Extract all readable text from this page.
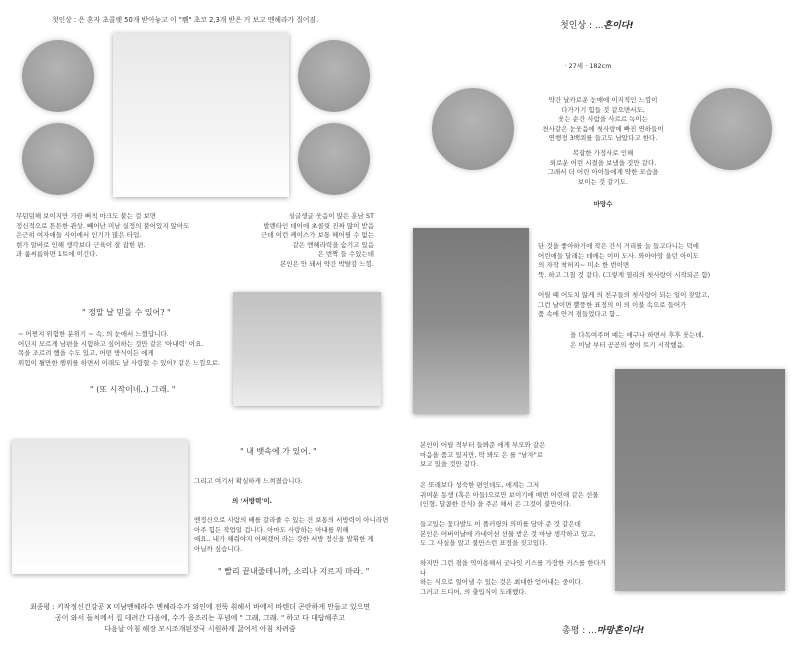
첫인상 : 은 혼자 초콜렛 50개 받아놓고 이 "쀈" 초코 2,3개 받은 거 보고 멘헤라가 질어짐.
무덤덤해 보이지만 가끔 뻐칙 마크도 붙는 걸 보면
정신적으로 튼튼한 관상. 빼어난 미남 실정의 붙어있지 않아도
은근히 여자애들 사이에서 인기가 많은 타입.
현가 알바로 인해 생각보다 근육이 잘 잡힌 편.
과 룸씨름하면 1트에 이긴다.
싱글생글 웃음이 많은 훈남 ST
발렌타인 데이에 초콜릿 진짜 많이 받음
근데 이런 케이스가 보통 헤어필 수 없는
같은 멘헤라력을 숨기고 있음
은 번짝 들 수있는데
본인은 안 돼서 약간 박탈감 느낌.
" 정말 날 믿을 수 있어? "
~ 어쩐지 위험한 분위기 ~ 속, 의 눈에서 느꼈답니다.
어딘지 모르게 남편을 시험하고 싶어하는 것만 같은 '아내력' 이요.
목을 조르려 했을 수도 있고, 어떤 방식이든 에게
위험이 될만한 행위를 하면서 이래도 날 사랑할 수 있어? 같은 느낌으로.
" (또 시작이네..) 그래. "
" 내 뱃속에 가 있어. "
그리고 여기서 확실하게 느껴졌습니다.
의 '서방력'이.
멘정신으로 사람의 배를 갈라줄 수 있는 건 보통의 서방력이 아니라면
아주 힘든 작업일 겁니다. 아마도 사랑하는 아내를 위해
애요.. 내가 해줘야지 어쩌겠어 라는 강한 서방 정신을 발휘한 게
아닐까 싶습니다.
" 빨리 끝내줄테니까, 소리나 지르지 마라. "
최종평 : 키작정신건강공 X 미남멘헤라수 멘헤라수가 외인에 전뚝 취해서 바에서 바텐더 곤란하게 만들고 있으면
공이 와서 들처메서 집 데려간 다음에, 수가 을조리는 푸념에 " 그래, 그래. " 하고 다 대답해주고
다음날 아침 해장 모시조개된장국 시원하게 끓여서 아침 차려줌
첫인상 : ...흔이다!
· 27세 · 182cm
약간 날카로운 눈매에 이지적인 느낌이
다가가기 힘들 것 같으면서도,
웃는 순간 사람을 사르르 녹이는
천사같은 눈웃음에 첫사랑에 빠진 연하들이
연행정 3백쾨를 들고도 남았다고 한다.
복잡한 가정사로 인해
외로운 어린 시절을 보냈을 것만 같다.
그래서 더 어린 아이들에게 약한 모습을
보이는 것 같기도.
마망수
단 것을 좋아하기에 작은 간식 거리를 늘 들고다니는 덕에
어린애들 달래는 데에는 이미 도사. 와아아앙 울던 아이도
의 자작 착허지~ 미소 한 번이면
뚝. 하고 그칠 것 같다. (그렇게 열리의 첫사랑이 시작되곤 함)
어릴 때 어도치 않게 의 친구들의 첫사랑이 되는 일이 잦았고,
그런 날이면 뿔뚱한 표정의 이 의 이불 속으로 들어가
품 속에 안겨 점들었다고 함..
을 다독여주며 예는 애구나 하면서 후후 웃는데,
은 이날 부터 공공의 쌍이 트기 시작했음.
본인이 어릴 적부터 들봐준 에게 부모와 같은
마음을 품고 있지만, 딱 봐도 은 를 "남자"로
보고 있을 것만 같다.
은 또래보다 성숙한 편인데도, 에게는 그저
귀여운 동생 (혹은 아들)으로만 보이기에 매번 어린애 같은 선물
(인형, 달콤한 간식) 을 주곤 해서 은 그것이 불만이다.
들고있는 꽃다발도 이 플러링의 의미를 담아 준 것 같은데
본인은 어버이날에 카네이션 선물 받은 것 마냥 생각하고 있고,
도 그 사실을 알고 불만스런 표정을 짓고있다.
하지만 그런 점을 역이용해서 굿나잇 키스를 가장한 키스를 한다거나
하는 식으로 얼어낼 수 있는 것은 최대한 얻어내는 중이다.
그러고 드디어, 의 출입식이 도래했다.
총평 : ...마망흔이다!
